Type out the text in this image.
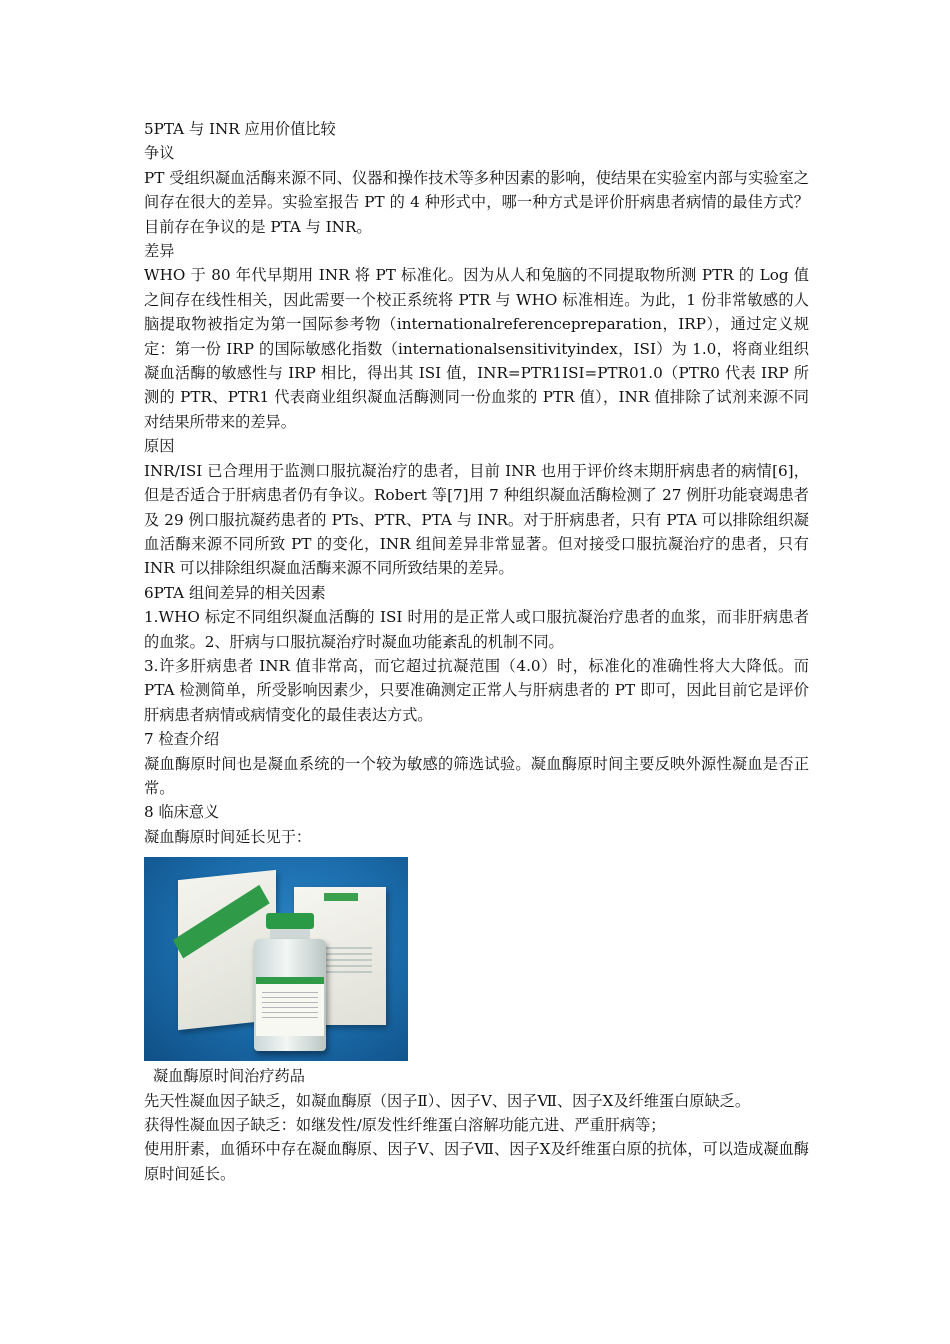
5PTA 与 INR 应用价值比较

争议

PT 受组织凝血活酶来源不同、仪器和操作技术等多种因素的影响，使结果在实验室内部与实验室之间存在很大的差异。实验室报告 PT 的 4 种形式中，哪一种方式是评价肝病患者病情的最佳方式？目前存在争议的是 PTA 与 INR。

差异

WHO 于 80 年代早期用 INR 将 PT 标准化。因为从人和兔脑的不同提取物所测 PTR 的 Log 值之间存在线性相关，因此需要一个校正系统将 PTR 与 WHO 标准相连。为此，1 份非常敏感的人脑提取物被指定为第一国际参考物（internationalreferencepreparation，IRP），通过定义规定：第一份 IRP 的国际敏感化指数（internationalsensitivityindex，ISI）为 1.0，将商业组织凝血活酶的敏感性与 IRP 相比，得出其 ISI 值，INR=PTR1ISI=PTR01.0（PTR0 代表 IRP 所测的 PTR、PTR1 代表商业组织凝血活酶测同一份血浆的 PTR 值），INR 值排除了试剂来源不同对结果所带来的差异。

原因

INR/ISI 已合理用于监测口服抗凝治疗的患者，目前 INR 也用于评价终末期肝病患者的病情[6]，但是否适合于肝病患者仍有争议。Robert 等[7]用 7 种组织凝血活酶检测了 27 例肝功能衰竭患者及 29 例口服抗凝药患者的 PTs、PTR、PTA 与 INR。对于肝病患者，只有 PTA 可以排除组织凝血活酶来源不同所致 PT 的变化，INR 组间差异非常显著。但对接受口服抗凝治疗的患者，只有 INR 可以排除组织凝血活酶来源不同所致结果的差异。

6PTA 组间差异的相关因素

1.WHO 标定不同组织凝血活酶的 ISI 时用的是正常人或口服抗凝治疗患者的血浆，而非肝病患者的血浆。2、肝病与口服抗凝治疗时凝血功能紊乱的机制不同。

3.许多肝病患者 INR 值非常高，而它超过抗凝范围（4.0）时，标准化的准确性将大大降低。而 PTA 检测简单，所受影响因素少，只要准确测定正常人与肝病患者的 PT 即可，因此目前它是评价肝病患者病情或病情变化的最佳表达方式。

7 检查介绍

凝血酶原时间也是凝血系统的一个较为敏感的筛选试验。凝血酶原时间主要反映外源性凝血是否正常。

8 临床意义

凝血酶原时间延长见于：

凝血酶原时间治疗药品

先天性凝血因子缺乏，如凝血酶原（因子Ⅱ）、因子Ⅴ、因子Ⅶ、因子Ⅹ及纤维蛋白原缺乏。

获得性凝血因子缺乏：如继发性/原发性纤维蛋白溶解功能亢进、严重肝病等；

使用肝素，血循环中存在凝血酶原、因子Ⅴ、因子Ⅶ、因子Ⅹ及纤维蛋白原的抗体，可以造成凝血酶原时间延长。
